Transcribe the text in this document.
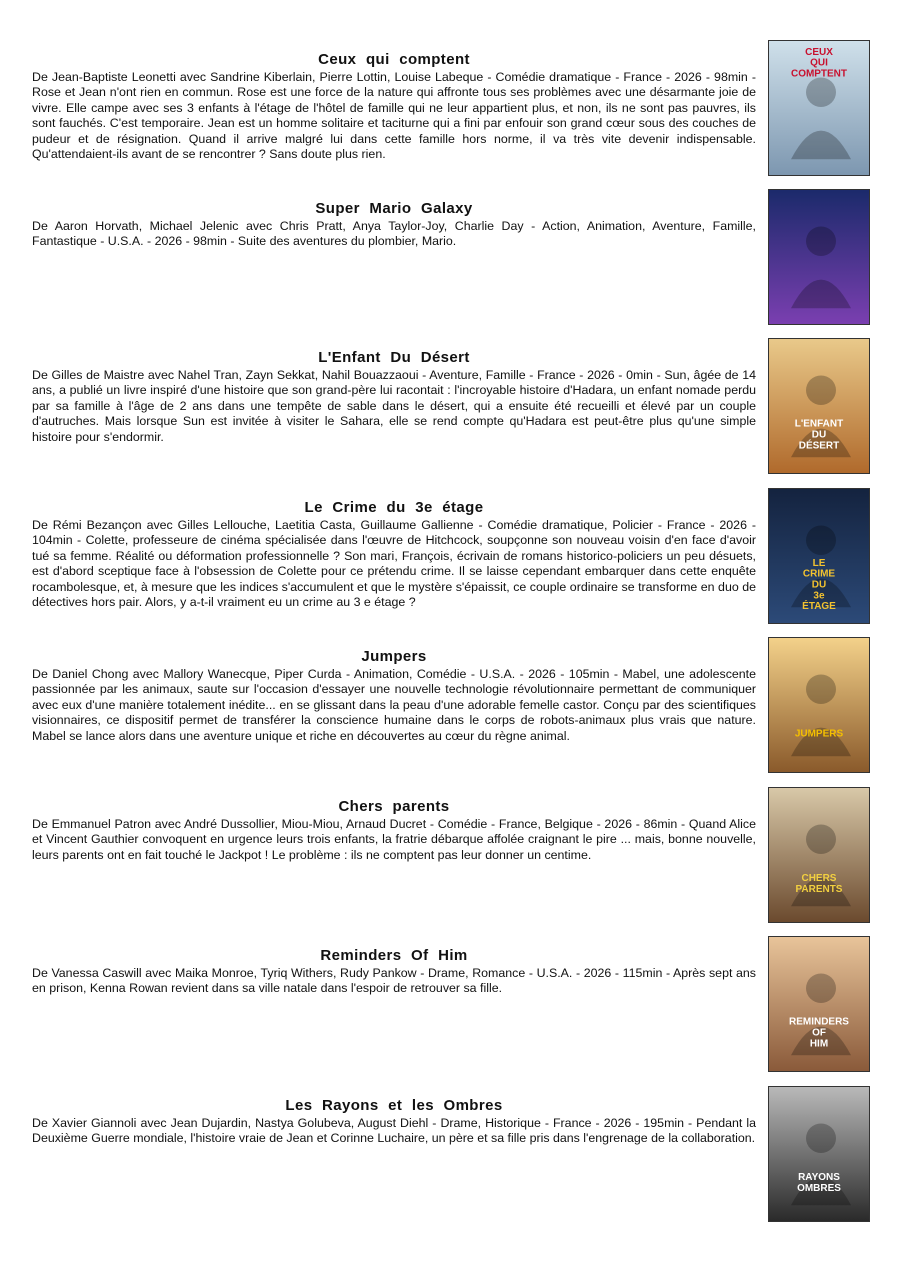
Ceux qui comptent

De Jean-Baptiste Leonetti avec Sandrine Kiberlain, Pierre Lottin, Louise Labeque - Comédie dramatique - France - 2026 - 98min - Rose et Jean n'ont rien en commun. Rose est une force de la nature qui affronte tous ses problèmes avec une désarmante joie de vivre. Elle campe avec ses 3 enfants à l'étage de l'hôtel de famille qui ne leur appartient plus, et non, ils ne sont pas pauvres, ils sont fauchés. C'est temporaire. Jean est un homme solitaire et taciturne qui a fini par enfouir son grand cœur sous des couches de pudeur et de résignation. Quand il arrive malgré lui dans cette famille hors norme, il va très vite devenir indispensable. Qu'attendaient-ils avant de se rencontrer ? Sans doute plus rien.

CEUX
QUI
COMPTENT
Super Mario Galaxy

De Aaron Horvath, Michael Jelenic avec Chris Pratt, Anya Taylor-Joy, Charlie Day - Action, Animation, Aventure, Famille, Fantastique - U.S.A. - 2026 - 98min - Suite des aventures du plombier, Mario.

L'Enfant Du Désert

De Gilles de Maistre avec Nahel Tran, Zayn Sekkat, Nahil Bouazzaoui - Aventure, Famille - France - 2026 - 0min - Sun, âgée de 14 ans, a publié un livre inspiré d'une histoire que son grand-père lui racontait : l'incroyable histoire d'Hadara, un enfant nomade perdu par sa famille à l'âge de 2 ans dans une tempête de sable dans le désert, qui a ensuite été recueilli et élevé par un couple d'autruches. Mais lorsque Sun est invitée à visiter le Sahara, elle se rend compte qu'Hadara est peut-être plus qu'une simple histoire pour s'endormir.

L'ENFANT
DU
DÉSERT
Le Crime du 3e étage

De Rémi Bezançon avec Gilles Lellouche, Laetitia Casta, Guillaume Gallienne - Comédie dramatique, Policier - France - 2026 - 104min - Colette, professeure de cinéma spécialisée dans l'œuvre de Hitchcock, soupçonne son nouveau voisin d'en face d'avoir tué sa femme. Réalité ou déformation professionnelle ? Son mari, François, écrivain de romans historico-policiers un peu désuets, est d'abord sceptique face à l'obsession de Colette pour ce prétendu crime. Il se laisse cependant embarquer dans cette enquête rocambolesque, et, à mesure que les indices s'accumulent et que le mystère s'épaissit, ce couple ordinaire se transforme en duo de détectives hors pair. Alors, y a-t-il vraiment eu un crime au 3 e étage ?

LE
CRIME
DU
3e
ÉTAGE
Jumpers

De Daniel Chong avec Mallory Wanecque, Piper Curda - Animation, Comédie - U.S.A. - 2026 - 105min - Mabel, une adolescente passionnée par les animaux, saute sur l'occasion d'essayer une nouvelle technologie révolutionnaire permettant de communiquer avec eux d'une manière totalement inédite... en se glissant dans la peau d'une adorable femelle castor. Conçu par des scientifiques visionnaires, ce dispositif permet de transférer la conscience humaine dans le corps de robots-animaux plus vrais que nature. Mabel se lance alors dans une aventure unique et riche en découvertes au cœur du règne animal.	JUMPERS
Chers parents

De Emmanuel Patron avec André Dussollier, Miou-Miou, Arnaud Ducret - Comédie - France, Belgique - 2026 - 86min - Quand Alice et Vincent Gauthier convoquent en urgence leurs trois enfants, la fratrie débarque affolée craignant le pire ... mais, bonne nouvelle, leurs parents ont en fait touché le Jackpot ! Le problème : ils ne comptent pas leur donner un centime.

CHERS
PARENTS
Reminders Of Him

De Vanessa Caswill avec Maika Monroe, Tyriq Withers, Rudy Pankow - Drame, Romance - U.S.A. - 2026 - 115min - Après sept ans en prison, Kenna Rowan revient dans sa ville natale dans l'espoir de retrouver sa fille.

REMINDERS
OF
HIM
Les Rayons et les Ombres

De Xavier Giannoli avec Jean Dujardin, Nastya Golubeva, August Diehl - Drame, Historique - France - 2026 - 195min - Pendant la Deuxième Guerre mondiale, l'histoire vraie de Jean et Corinne Luchaire, un père et sa fille pris dans l'engrenage de la collaboration.

RAYONS
OMBRES
